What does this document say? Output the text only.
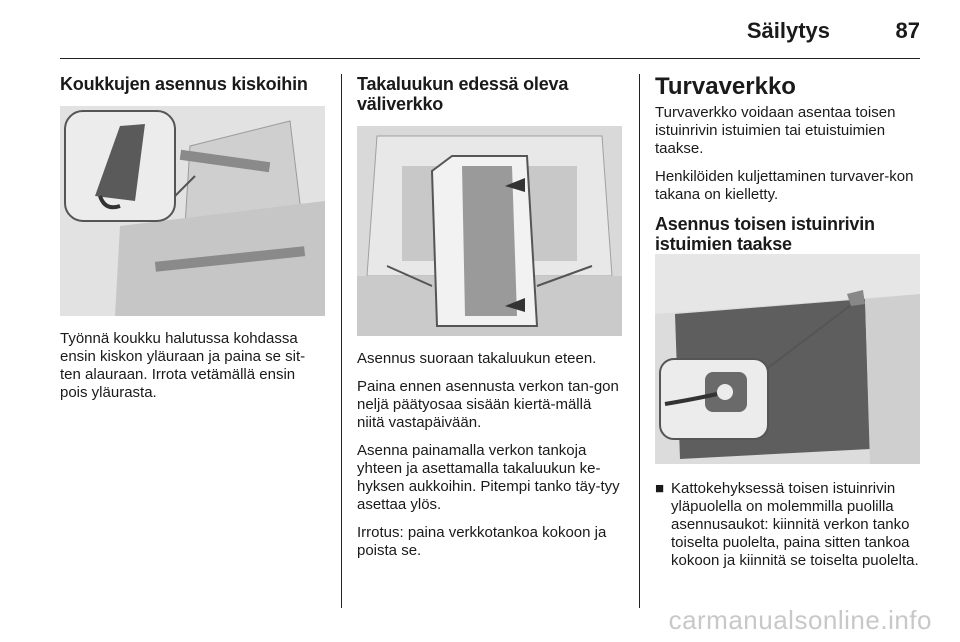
Säilytys	87
Koukkujen asennus kiskoihin

Työnnä koukku halutussa kohdassa ensin kiskon yläuraan ja paina se sit-ten alauraan. Irrota vetämällä ensin pois yläurasta.

Takaluukun edessä oleva väliverkko

Asennus suoraan takaluukun eteen.

Paina ennen asennusta verkon tan-gon neljä päätyosaa sisään kiertä-mällä niitä vastapäivään.

Asenna painamalla verkon tankoja yhteen ja asettamalla takaluukun ke-hyksen aukkoihin. Pitempi tanko täy-tyy asettaa ylös.

Irrotus: paina verkkotankoa kokoon ja poista se.

Turvaverkko

Turvaverkko voidaan asentaa toisen istuinrivin istuimien tai etuistuimien taakse.

Henkilöiden kuljettaminen turvaver-kon takana on kielletty.

Asennus toisen istuinrivin istuimien taakse
■ Kattokehyksessä toisen istuinrivin yläpuolella on molemmilla puolilla asennusaukot: kiinnitä verkon tanko toiselta puolelta, paina sitten tankoa kokoon ja kiinnitä se toiselta puolelta.
carmanualsonline.info
